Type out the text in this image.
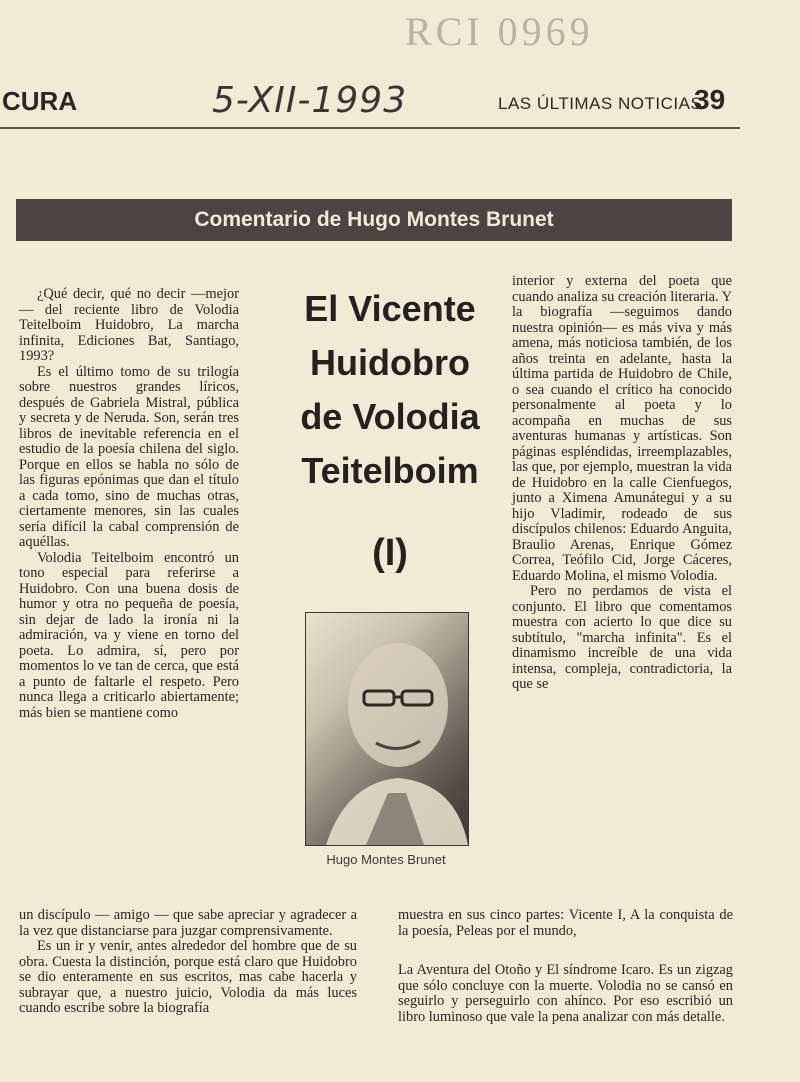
RCI 0969
CURA	5-XII-1993	LAS ÚLTIMAS NOTICIAS
39
Comentario de Hugo Montes Brunet
El Vicente
Huidobro
de Volodia
Teitelboim
(I)
Hugo Montes Brunet

¿Qué decir, qué no decir —mejor— del reciente libro de Volodia Teitelboim Huidobro, La marcha infinita, Ediciones Bat, Santiago, 1993?

Es el último tomo de su trilogía sobre nuestros grandes líricos, después de Gabriela Mistral, pública y secreta y de Neruda. Son, serán tres libros de inevitable referencia en el estudio de la poesía chilena del siglo. Porque en ellos se habla no sólo de las figuras epónimas que dan el título a cada tomo, sino de muchas otras, ciertamente menores, sin las cuales sería difícil la cabal comprensión de aquéllas.

Volodia Teitelboim encontró un tono especial para referirse a Huidobro. Con una buena dosis de humor y otra no pequeña de poesía, sin dejar de lado la ironía ni la admiración, va y viene en torno del poeta. Lo admira, sí, pero por momentos lo ve tan de cerca, que está a punto de faltarle el respeto. Pero nunca llega a criticarlo abiertamente; más bien se mantiene como

un discípulo — amigo — que sabe apreciar y agradecer a la vez que distanciarse para juzgar comprensivamente.

Es un ir y venir, antes alrededor del hombre que de su obra. Cuesta la distinción, porque está claro que Huidobro se dio enteramente en sus escritos, mas cabe hacerla y subrayar que, a nuestro juicio, Volodia da más luces cuando escribe sobre la biografía

interior y externa del poeta que cuando analiza su creación literaria. Y la biografía —seguimos dando nuestra opinión— es más viva y más amena, más noticiosa también, de los años treinta en adelante, hasta la última partida de Huidobro de Chile, o sea cuando el crítico ha conocido personalmente al poeta y lo acompaña en muchas de sus aventuras humanas y artísticas. Son páginas espléndidas, irreemplazables, las que, por ejemplo, muestran la vida de Huidobro en la calle Cienfuegos, junto a Ximena Amunátegui y a su hijo Vladimir, rodeado de sus discípulos chilenos: Eduardo Anguita, Braulio Arenas, Enrique Gómez Correa, Teófilo Cid, Jorge Cáceres, Eduardo Molina, el mismo Volodia.

Pero no perdamos de vista el conjunto. El libro que comentamos muestra con acierto lo que dice su subtítulo, "marcha infinita". Es el dinamismo increíble de una vida intensa, compleja, contradictoria, la que se

muestra en sus cinco partes: Vicente I, A la conquista de la poesía, Peleas por el mundo,

La Aventura del Otoño y El síndrome Icaro. Es un zigzag que sólo concluye con la muerte. Volodia no se cansó en seguirlo y perseguirlo con ahínco. Por eso escribió un libro luminoso que vale la pena analizar con más detalle.
